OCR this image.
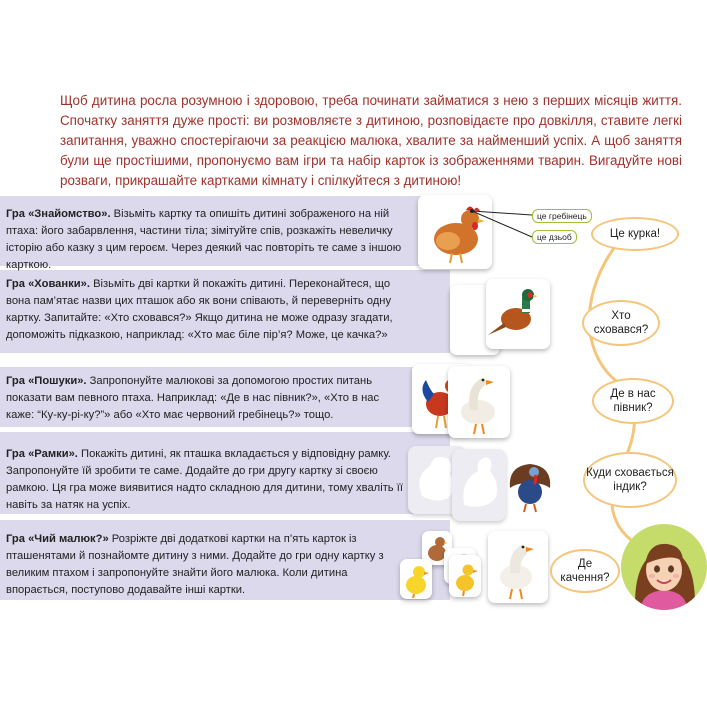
Щоб дитина росла розумною і здоровою, треба починати займатися з нею з перших місяців життя. Спочатку заняття дуже прості: ви розмовляєте з дитиною, розповідаєте про довкілля, ставите легкі запитання, уважно спостерігаючи за реакцією малюка, хвалите за найменший успіх. А щоб заняття були ще простішими, пропонуємо вам ігри та набір карток із зображеннями тварин. Вигадуйте нові розваги, прикрашайте картками кімнату і спілкуйтеся з дитиною!

Гра «Знайомство». Візьміть картку та опишіть дитині зображеного на ній птаха: його забарвлення, частини тіла; зімітуйте спів, розкажіть невеличку історію або казку з цим героєм. Через деякий час повторіть те саме з іншою карткою.

Гра «Хованки». Візьміть дві картки й покажіть дитині. Переконайтеся, що вона пам’ятає назви цих пташок або як вони співають, й переверніть одну картку. Запитайте: «Хто сховався?» Якщо дитина не може одразу згадати, допоможіть підказкою, наприклад: «Хто має біле пір’я? Може, це качка?»

Гра «Пошуки». Запропонуйте малюкові за допомогою простих питань показати вам певного птаха. Наприклад: «Де в нас півник?», «Хто в нас каже: “Ку-ку-рі-ку?”» або «Хто має червоний гребінець?» тощо.

Гра «Рамки». Покажіть дитині, як пташка вкладається у відповідну рамку. Запропонуйте їй зробити те саме. Додайте до гри другу картку зі своєю рамкою. Ця гра може виявитися надто складною для дитини, тому хваліть її навіть за натяк на успіх.

Гра «Чий малюк?» Розріжте дві додаткові картки на п’ять карток із пташенятами й познайомте дитину з ними. Додайте до гри одну картку з великим птахом і запропонуйте знайти його малюка. Коли дитина впорається, поступово додавайте інші картки.

це гребінець
це дзьоб	Це курка!
Хто сховався?
Де в нас півник?
Куди сховається індик?
Де качення?
